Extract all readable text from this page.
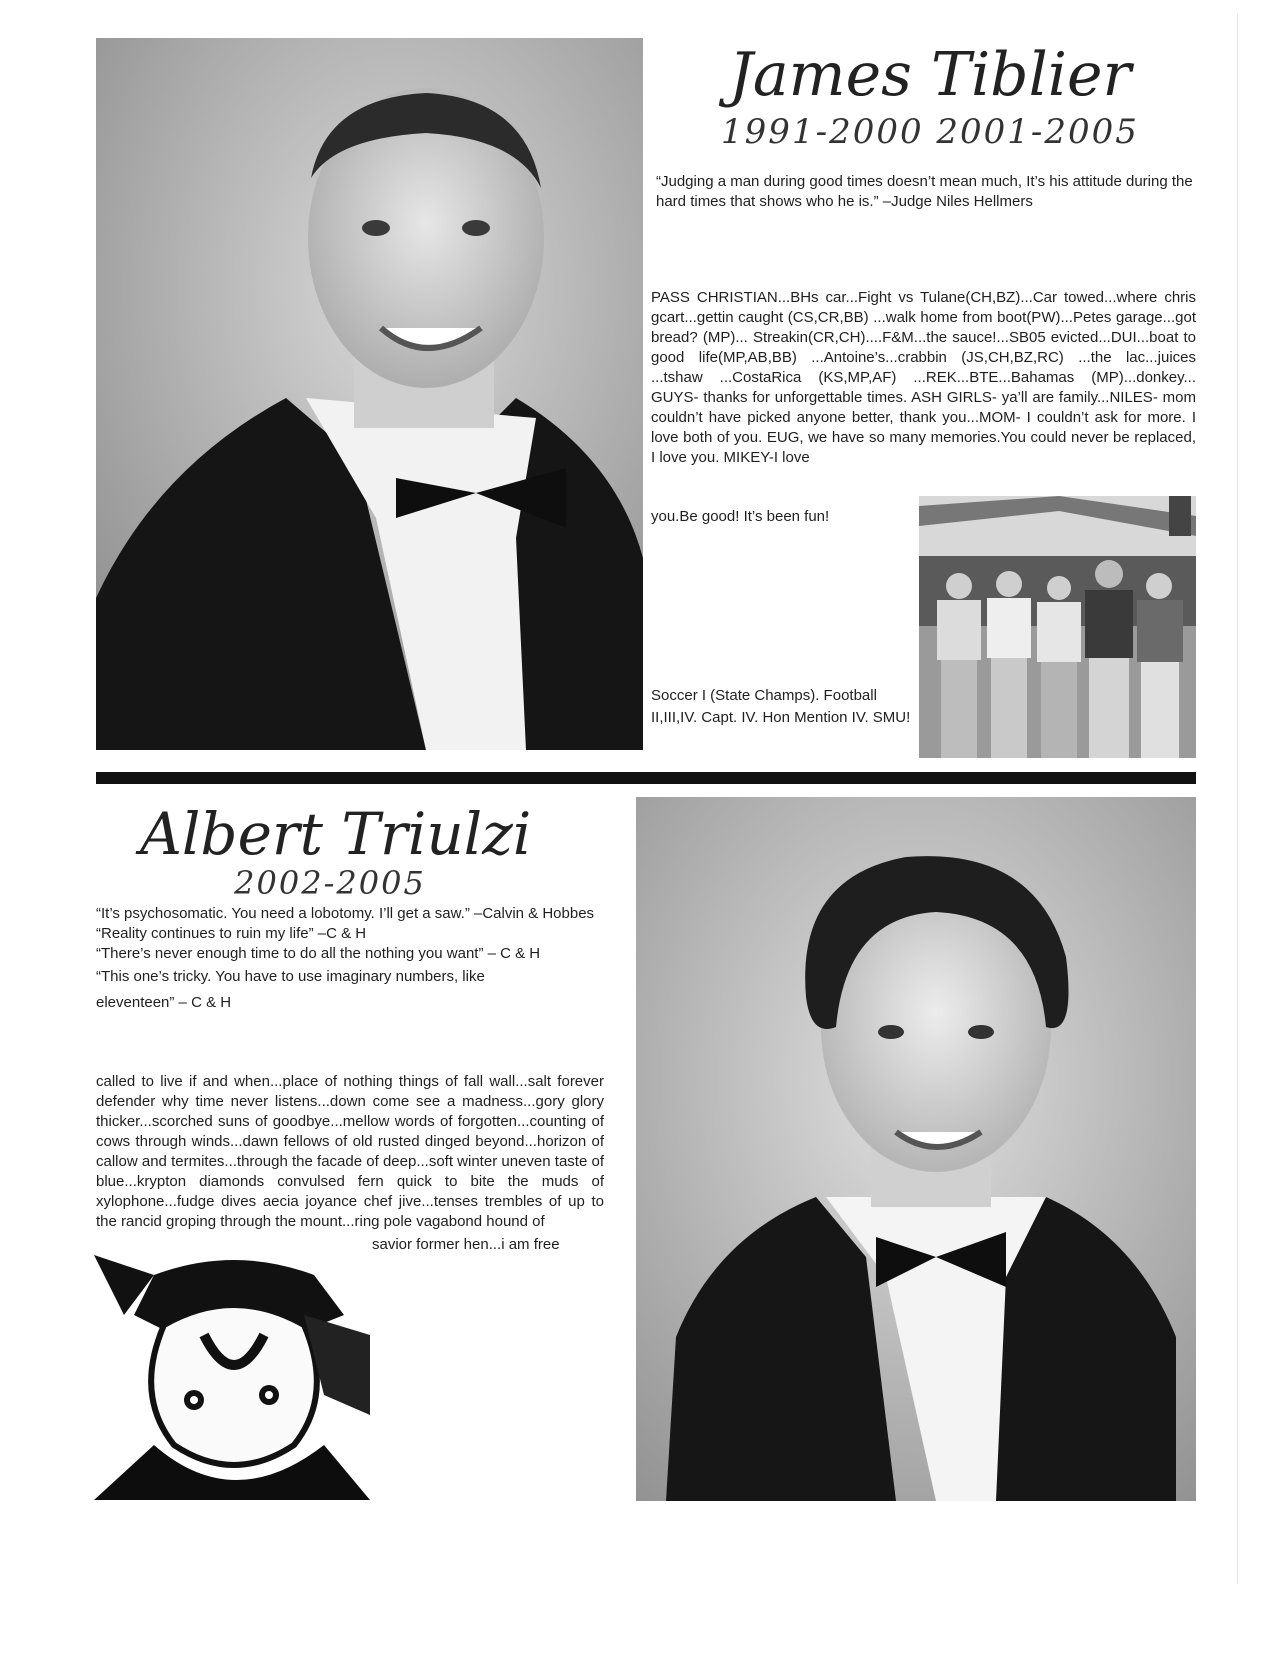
James Tiblier
1991-2000 2001-2005
“Judging a man during good times doesn’t mean much, It’s his attitude during the hard times that shows who he is.” –Judge Niles Hellmers
PASS CHRISTIAN...BHs car...Fight vs Tulane(CH,BZ)...Car towed...where chris gcart...gettin caught (CS,CR,BB) ...walk home from boot(PW)...Petes garage...got bread? (MP)... Streakin(CR,CH)....F&M...the sauce!...SB05 evicted...DUI...boat to good life(MP,AB,BB) ...Antoine’s...crabbin (JS,CH,BZ,RC) ...the lac...juices ...tshaw ...CostaRica (KS,MP,AF) ...REK...BTE...Bahamas (MP)...donkey... GUYS- thanks for unforgettable times. ASH GIRLS- ya’ll are family...NILES- mom couldn’t have picked anyone better, thank you...MOM- I couldn’t ask for more. I love both of you. EUG, we have so many memories.You could never be replaced, I love you. MIKEY-I love
you.Be good! It’s been fun!
Soccer I (State Champs). Football II,III,IV. Capt. IV. Hon Mention IV. SMU!
Albert Triulzi
2002-2005
“It’s psychosomatic. You need a lobotomy. I’ll get a saw.” –Calvin & Hobbes
“Reality continues to ruin my life” –C & H
“There’s never enough time to do all the nothing you want” – C & H
“This one’s tricky. You have to use imaginary numbers, like eleventeen” – C & H
called to live if and when...place of nothing things of fall wall...salt forever defender why time never listens...down come see a madness...gory glory thicker...scorched suns of goodbye...mellow words of forgotten...counting of cows through winds...dawn fellows of old rusted dinged beyond...horizon of callow and termites...through the facade of deep...soft winter uneven taste of blue...krypton diamonds convulsed fern quick to bite the muds of xylophone...fudge dives aecia joyance chef jive...tenses trembles of up to the rancid groping through the mount...ring pole vagabond hound of
savior former hen...i am free
